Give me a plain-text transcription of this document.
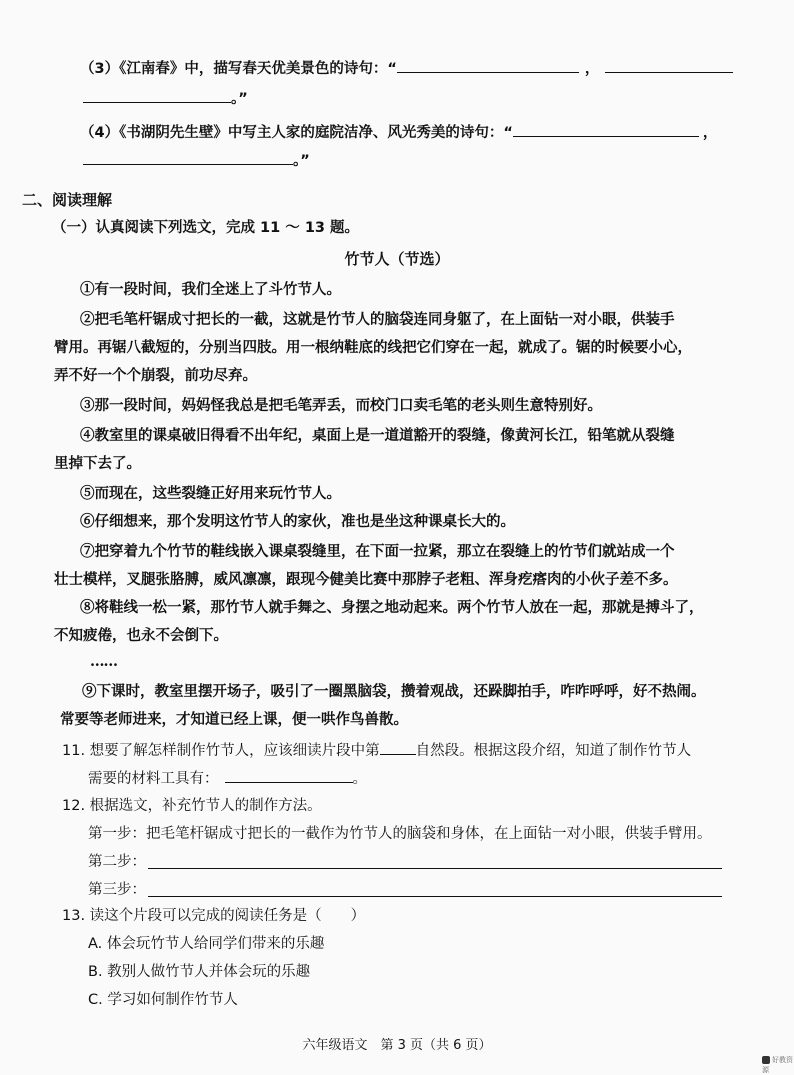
（3）《江南春》中，描写春天优美景色的诗句：“	，
。”
（4）《书湖阴先生壁》中写主人家的庭院洁净、风光秀美的诗句：“	，
。”
二、阅读理解
（一）认真阅读下列选文，完成 11 ～ 13 题。
竹节人（节选）
①有一段时间，我们全迷上了斗竹节人。
②把毛笔杆锯成寸把长的一截，这就是竹节人的脑袋连同身躯了，在上面钻一对小眼，供装手
臂用。再锯八截短的，分别当四肢。用一根纳鞋底的线把它们穿在一起，就成了。锯的时候要小心，
弄不好一个个崩裂，前功尽弃。
③那一段时间，妈妈怪我总是把毛笔弄丢，而校门口卖毛笔的老头则生意特别好。
④教室里的课桌破旧得看不出年纪，桌面上是一道道豁开的裂缝，像黄河长江，铅笔就从裂缝
里掉下去了。
⑤而现在，这些裂缝正好用来玩竹节人。
⑥仔细想来，那个发明这竹节人的家伙，准也是坐这种课桌长大的。
⑦把穿着九个竹节的鞋线嵌入课桌裂缝里，在下面一拉紧，那立在裂缝上的竹节们就站成一个
壮士模样，叉腿张胳膊，威风凛凛，跟现今健美比赛中那脖子老粗、浑身疙瘩肉的小伙子差不多。
⑧将鞋线一松一紧，那竹节人就手舞之、身摆之地动起来。两个竹节人放在一起，那就是搏斗了，
不知疲倦，也永不会倒下。
……
⑨下课时，教室里摆开场子，吸引了一圈黑脑袋，攒着观战，还跺脚拍手，咋咋呼呼，好不热闹。
常要等老师进来，才知道已经上课，便一哄作鸟兽散。
11. 想要了解怎样制作竹节人，应该细读片段中第 自然段。根据这段介绍，知道了制作竹节人
需要的材料工具有：	。
12. 根据选文，补充竹节人的制作方法。
第一步：把毛笔杆锯成寸把长的一截作为竹节人的脑袋和身体，在上面钻一对小眼，供装手臂用。
第二步：
第三步：
13. 读这个片段可以完成的阅读任务是（　　）
A. 体会玩竹节人给同学们带来的乐趣
B. 教别人做竹节人并体会玩的乐趣
C. 学习如何制作竹节人
六年级语文　第 3 页（共 6 页）
好教资源
